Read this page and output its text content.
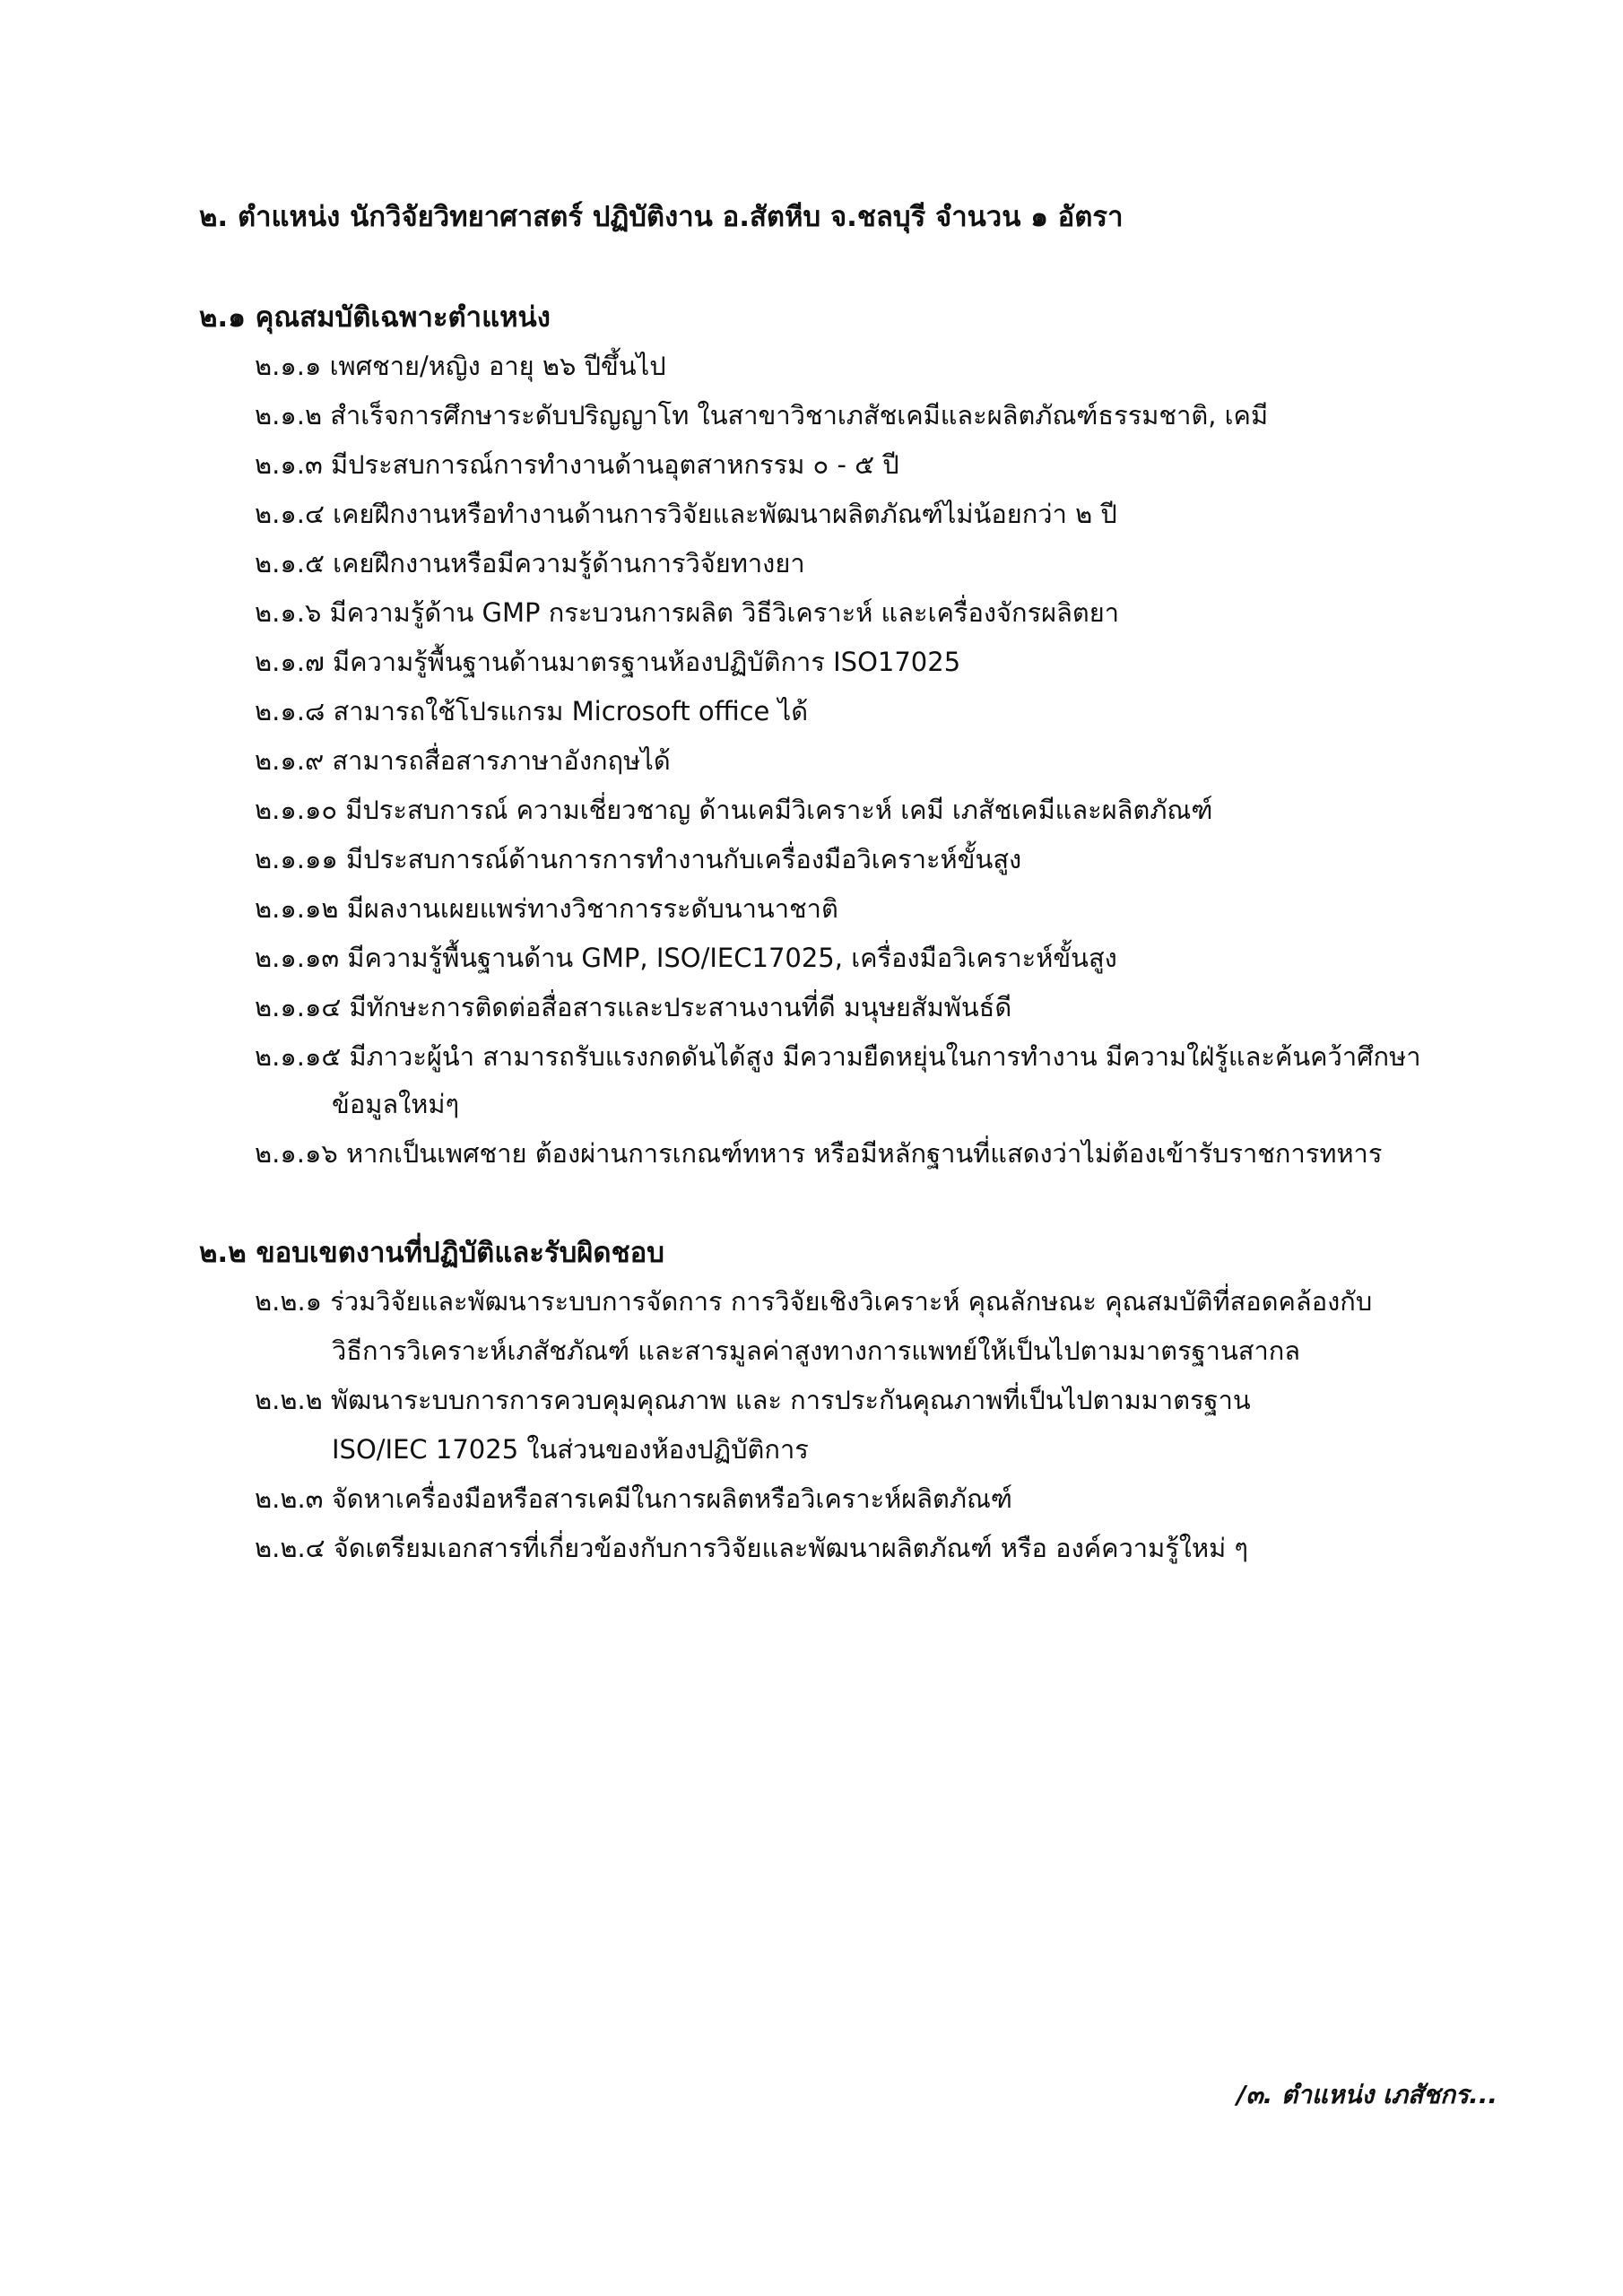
๒. ตำแหน่ง นักวิจัยวิทยาศาสตร์ ปฏิบัติงาน อ.สัตหีบ จ.ชลบุรี จำนวน ๑ อัตรา
๒.๑ คุณสมบัติเฉพาะตำแหน่ง
๒.๑.๑ เพศชาย/หญิง อายุ ๒๖ ปีขึ้นไป
๒.๑.๒ สำเร็จการศึกษาระดับปริญญาโท ในสาขาวิชาเภสัชเคมีและผลิตภัณฑ์ธรรมชาติ, เคมี
๒.๑.๓ มีประสบการณ์การทำงานด้านอุตสาหกรรม ๐ - ๕ ปี
๒.๑.๔ เคยฝึกงานหรือทำงานด้านการวิจัยและพัฒนาผลิตภัณฑ์ไม่น้อยกว่า ๒ ปี
๒.๑.๕ เคยฝึกงานหรือมีความรู้ด้านการวิจัยทางยา
๒.๑.๖ มีความรู้ด้าน GMP กระบวนการผลิต วิธีวิเคราะห์ และเครื่องจักรผลิตยา
๒.๑.๗ มีความรู้พื้นฐานด้านมาตรฐานห้องปฏิบัติการ ISO17025
๒.๑.๘ สามารถใช้โปรแกรม Microsoft office ได้
๒.๑.๙ สามารถสื่อสารภาษาอังกฤษได้
๒.๑.๑๐ มีประสบการณ์ ความเชี่ยวชาญ ด้านเคมีวิเคราะห์ เคมี เภสัชเคมีและผลิตภัณฑ์
๒.๑.๑๑ มีประสบการณ์ด้านการการทำงานกับเครื่องมือวิเคราะห์ขั้นสูง
๒.๑.๑๒ มีผลงานเผยแพร่ทางวิชาการระดับนานาชาติ
๒.๑.๑๓ มีความรู้พื้นฐานด้าน GMP, ISO/IEC17025, เครื่องมือวิเคราะห์ขั้นสูง
๒.๑.๑๔ มีทักษะการติดต่อสื่อสารและประสานงานที่ดี มนุษยสัมพันธ์ดี
๒.๑.๑๕ มีภาวะผู้นำ สามารถรับแรงกดดันได้สูง มีความยืดหยุ่นในการทำงาน มีความใฝ่รู้และค้นคว้าศึกษา
ข้อมูลใหม่ๆ
๒.๑.๑๖ หากเป็นเพศชาย ต้องผ่านการเกณฑ์ทหาร หรือมีหลักฐานที่แสดงว่าไม่ต้องเข้ารับราชการทหาร
๒.๒ ขอบเขตงานที่ปฏิบัติและรับผิดชอบ
๒.๒.๑ ร่วมวิจัยและพัฒนาระบบการจัดการ การวิจัยเชิงวิเคราะห์ คุณลักษณะ คุณสมบัติที่สอดคล้องกับ
วิธีการวิเคราะห์เภสัชภัณฑ์ และสารมูลค่าสูงทางการแพทย์ให้เป็นไปตามมาตรฐานสากล
๒.๒.๒ พัฒนาระบบการการควบคุมคุณภาพ และ การประกันคุณภาพที่เป็นไปตามมาตรฐาน
ISO/IEC 17025 ในส่วนของห้องปฏิบัติการ
๒.๒.๓ จัดหาเครื่องมือหรือสารเคมีในการผลิตหรือวิเคราะห์ผลิตภัณฑ์
๒.๒.๔ จัดเตรียมเอกสารที่เกี่ยวข้องกับการวิจัยและพัฒนาผลิตภัณฑ์ หรือ องค์ความรู้ใหม่ ๆ
/๓. ตำแหน่ง เภสัชกร...
